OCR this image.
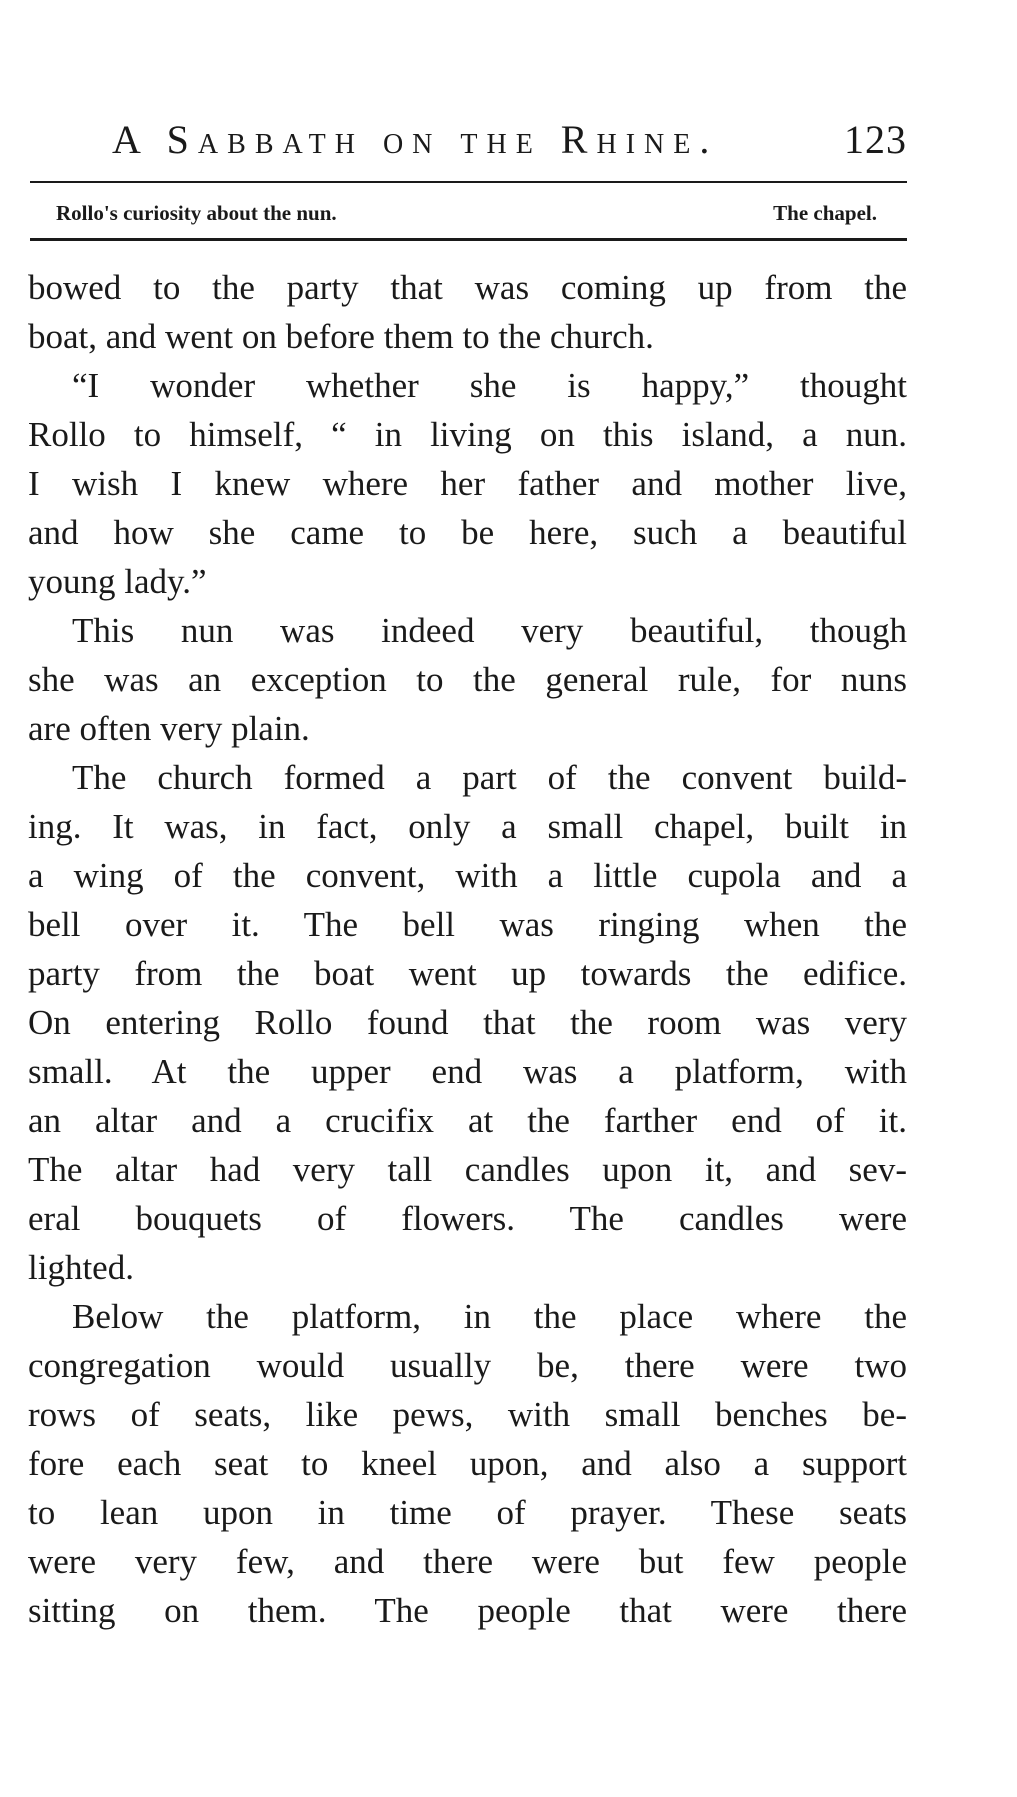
A Sabbath on the Rhine.	123
Rollo's curiosity about the nun.	The chapel.
bowed to the party that was coming up from the
boat, and went on before them to the church.
“I wonder whether she is happy,” thought
Rollo to himself, “ in living on this island, a nun.
I wish I knew where her father and mother live,
and how she came to be here, such a beautiful
young lady.”
This nun was indeed very beautiful, though
she was an exception to the general rule, for nuns
are often very plain.
The church formed a part of the convent build-
ing. It was, in fact, only a small chapel, built in
a wing of the convent, with a little cupola and a
bell over it. The bell was ringing when the
party from the boat went up towards the edifice.
On entering Rollo found that the room was very
small. At the upper end was a platform, with
an altar and a crucifix at the farther end of it.
The altar had very tall candles upon it, and sev-
eral bouquets of flowers. The candles were
lighted.
Below the platform, in the place where the
congregation would usually be, there were two
rows of seats, like pews, with small benches be-
fore each seat to kneel upon, and also a support
to lean upon in time of prayer. These seats
were very few, and there were but few people
sitting on them. The people that were there
